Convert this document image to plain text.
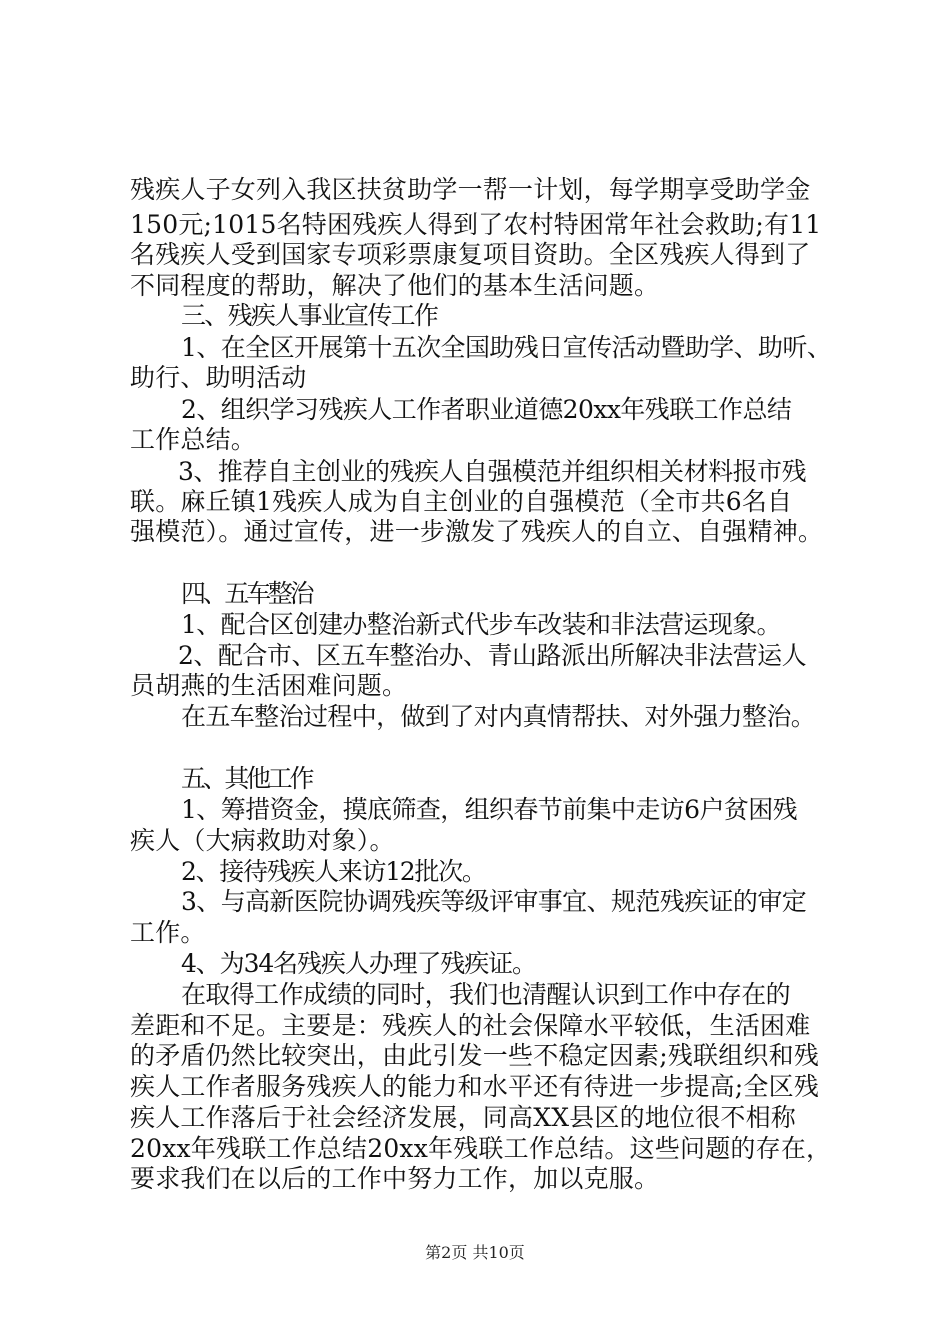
残疾人子女列入我区扶贫助学一帮一计划，每学期享受助学金
150元;1015名特困残疾人得到了农村特困常年社会救助;有11
名残疾人受到国家专项彩票康复项目资助。全区残疾人得到了
不同程度的帮助，解决了他们的基本生活问题。
三、残疾人事业宣传工作
1、在全区开展第十五次全国助残日宣传活动暨助学、助听、
助行、助明活动
2、组织学习残疾人工作者职业道德20xx年残联工作总结
工作总结。
3、推荐自主创业的残疾人自强模范并组织相关材料报市残
联。麻丘镇1残疾人成为自主创业的自强模范（全市共6名自
强模范）。通过宣传，进一步激发了残疾人的自立、自强精神。
四、五车整治
1、配合区创建办整治新式代步车改装和非法营运现象。
2、配合市、区五车整治办、青山路派出所解决非法营运人
员胡燕的生活困难问题。
在五车整治过程中，做到了对内真情帮扶、对外强力整治。
五、其他工作
1、筹措资金，摸底筛查，组织春节前集中走访6户贫困残
疾人（大病救助对象）。
2、接待残疾人来访12批次。
3、与高新医院协调残疾等级评审事宜、规范残疾证的审定
工作。
4、为34名残疾人办理了残疾证。
在取得工作成绩的同时，我们也清醒认识到工作中存在的
差距和不足。主要是：残疾人的社会保障水平较低，生活困难
的矛盾仍然比较突出，由此引发一些不稳定因素;残联组织和残
疾人工作者服务残疾人的能力和水平还有待进一步提高;全区残
疾人工作落后于社会经济发展，同高XX县区的地位很不相称
20xx年残联工作总结20xx年残联工作总结。这些问题的存在，
要求我们在以后的工作中努力工作，加以克服。
第2页 共10页
